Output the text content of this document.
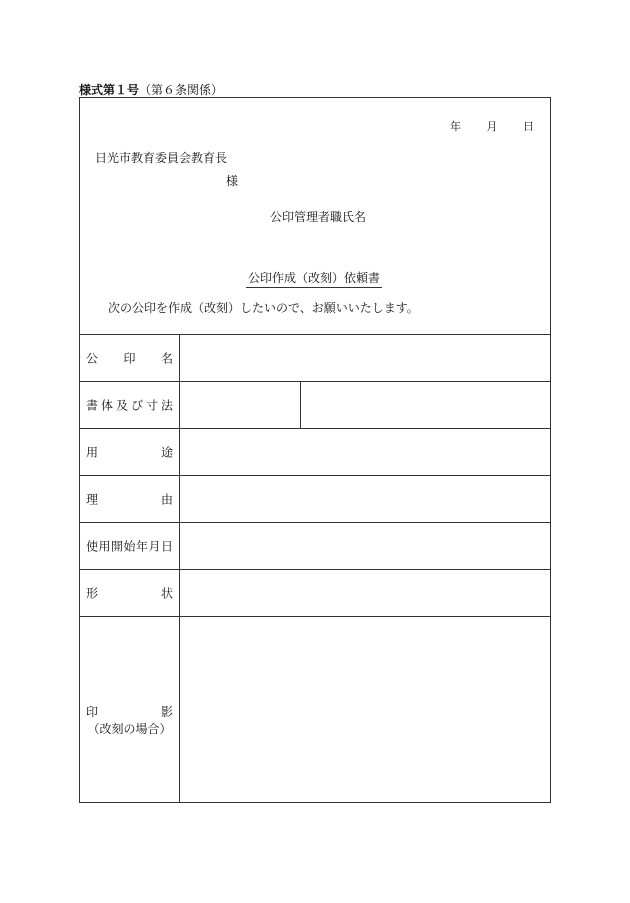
様式第１号（第６条関係）
年 月 日
日光市教育委員会教育長
様
公印管理者職氏名
公印作成（改刻）依頼書
次の公印を作成（改刻）したいので、お願いいたします。
公印名
書体及び寸法
用途
理由
使用開始年月日
形状
印影
（改刻の場合）
